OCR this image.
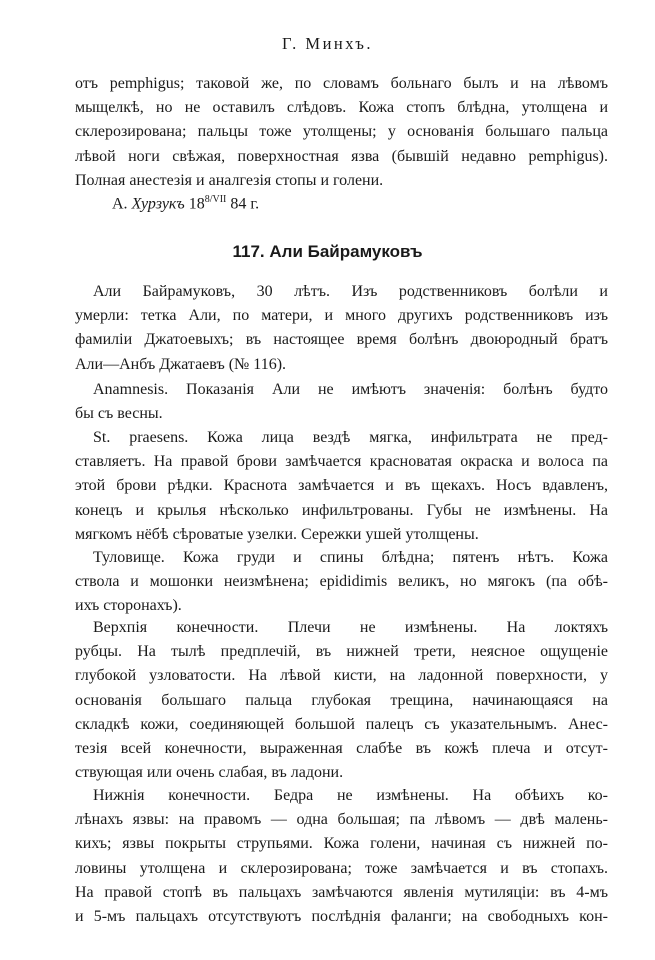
Г. Минхъ.
отъ pemphigus; таковой же, по словамъ больнаго былъ и на лѣвомъ
мыщелкѣ, но не оставилъ слѣдовъ. Кожа стопъ блѣдна, утолщена и
склерозирована; пальцы тоже утолщены; у основанія большаго пальца
лѣвой ноги свѣжая, поверхностная язва (бывшій недавно pemphigus).
Полная анестезія и аналгезія стопы и голени.
А. Хурзукъ $18^{8/VII}$ 84 г.
117. Али Байрамуковъ
Али Байрамуковъ, 30 лѣтъ. Изъ родственниковъ болѣли и
умерли: тетка Али, по матери, и много другихъ родственниковъ изъ
фамиліи Джатоевыхъ; въ настоящее время болѣнъ двоюродный братъ
Али—Анбъ Джатаевъ (№ 116).
Anamnesis. Показанія Али не имѣютъ значенія: болѣнъ будто
бы съ весны.
St. praesens. Кожа лица вездѣ мягка, инфильтрата не пред-
ставляетъ. На правой брови замѣчается красноватая окраска и волоса па
этой брови рѣдки. Краснота замѣчается и въ щекахъ. Носъ вдавленъ,
конецъ и крылья нѣсколько инфильтрованы. Губы не измѣнены. На
мягкомъ нёбѣ сѣроватые узелки. Сережки ушей утолщены.
Туловище. Кожа груди и спины блѣдна; пятенъ нѣтъ. Кожа
ствола и мошонки неизмѣнена; epididimis великъ, но мягокъ (па обѣ-
ихъ сторонахъ).
Верхпія конечности. Плечи не измѣнены. На локтяхъ
рубцы. На тылѣ предплечій, въ нижней трети, неясное ощущеніе
глубокой узловатости. На лѣвой кисти, на ладонной поверхности, у
основанія большаго пальца глубокая трещина, начинающаяся на
складкѣ кожи, соединяющей большой палецъ съ указательнымъ. Анес-
тезія всей конечности, выраженная слабѣе въ кожѣ плеча и отсут-
ствующая или очень слабая, въ ладони.
Нижнія конечности. Бедра не измѣнены. На обѣихъ ко-
лѣнахъ язвы: на правомъ — одна большая; па лѣвомъ — двѣ малень-
кихъ; язвы покрыты струпьями. Кожа голени, начиная съ нижней по-
ловины утолщена и склерозирована; тоже замѣчается и въ стопахъ.
На правой стопѣ въ пальцахъ замѣчаются явленія мутиляціи: въ 4-мъ
и 5-мъ пальцахъ отсутствуютъ послѣднія фаланги; на свободныхъ кон-
